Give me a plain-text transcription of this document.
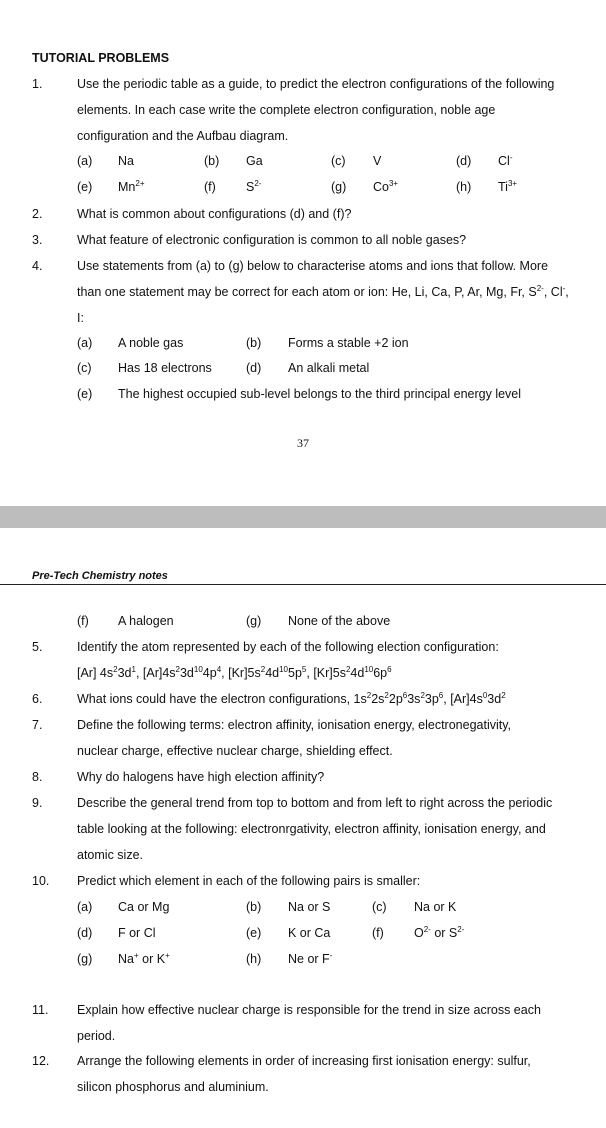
TUTORIAL PROBLEMS
1.	Use the periodic table as a guide, to predict the electron configurations of the following
elements. In each case write the complete electron configuration, noble age
configuration and the Aufbau diagram.
(a) Na	(b) Ga	(c) V	(d) Cl-
(e) $Mn^{2+}$	(f) $S^{2-}$	(g) $Co^{3+}$	(h) $Ti^{3+}$
2.	What is common about configurations (d) and (f)?
3.	What feature of electronic configuration is common to all noble gases?
4.	Use statements from (a) to (g) below to characterise atoms and ions that follow. More
than one statement may be correct for each atom or ion: He, Li, Ca, P, Ar, Mg, Fr, $S^{2-}$, Cl-,
I:
(a) A noble gas	(b) Forms a stable +2 ion
(c) Has 18 electrons	(d) An alkali metal
(e) The highest occupied sub-level belongs to the third principal energy level
37
Pre-Tech Chemistry notes
(f) A halogen	(g) None of the above
5.	Identify the atom represented by each of the following election configuration:
[Ar] $4s^23d^1$, $[Ar]4s^23d^{10}4p^4$, $[Kr]5s^24d^{10}5p^5$, $[Kr]5s^24d^{10}6p^6$
6.	What ions could have the electron configurations, $1s^22s^22p^63s^23p^6$, $[Ar]4s^03d^2$
7.	Define the following terms: electron affinity, ionisation energy, electronegativity,
nuclear charge, effective nuclear charge, shielding effect.
8.	Why do halogens have high election affinity?
9.	Describe the general trend from top to bottom and from left to right across the periodic
table looking at the following: electronrgativity, electron affinity, ionisation energy, and
atomic size.
10. Predict which element in each of the following pairs is smaller:
(a) Ca or Mg	(b) Na or S	(c) Na or K
(d) F or Cl	(e) K or Ca	(f) $O^{2-}$ or $S^{2-}$
(g) Na+ or K+	(h) Ne or F-
11. Explain how effective nuclear charge is responsible for the trend in size across each
period.
12. Arrange the following elements in order of increasing first ionisation energy: sulfur,
silicon phosphorus and aluminium.
